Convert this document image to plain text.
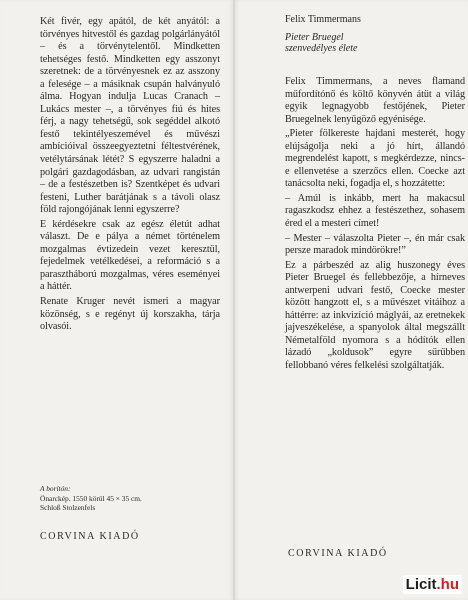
Két fivér, egy apától, de két anyától: a törvényes hitvestől és gazdag polgárlányától – és a törvénytelentől. Mindketten tehetséges festő. Mindketten egy asszonyt szeretnek: de a törvényesnek ez az asszony a felesége – a másiknak csupán halványuló álma. Hogyan indulja Lucas Cranach – Lukács mester –, a törvényes fiú és hites férj, a nagy tehetségű, sok segéddel alkotó festő tekintélyeszemével és művészi ambícióival összeegyeztetni féltestvérének, vetélytársának létét? S egyszerre haladni a polgári gazdagodásban, az udvari rangistán – de a festészetben is? Szentképet és udvari festeni, Luther barátjának s a távoli olasz föld rajongójának lenni egyszerre?

E kérdésekre csak az egész életút adhat választ. De e pálya a német történelem mozgalmas évtizedein vezet keresztül, fejedelmek vetélkedései, a reformáció s a parasztháború mozgalmas, véres eseményei a háttér.

Renate Kruger nevét ismeri a magyar közönség, s e regényt új korszakha, tárja olvasói.

A borítón:
Önarckép. 1550 körül 45 × 35 cm.
Schloß Stolzenfels
CORVINA KIADÓ
Felix Timmermans
Pieter Bruegel
szenvedélyes élete

Felix Timmermans, a neves flamand műfordítónő és költő könyvén átüt a világ egyik legnagyobb festőjének, Pieter Bruegelnek lenyűgöző egyénisége.

„Pieter fölkereste hajdani mesterét, hogy elújságolja neki a jó hírt, állandó megrendelést kapott, s megkérdezze, nincs-e ellenvetése a szerzőcs ellen. Coecke azt tanácsolta neki, fogadja el, s hozzátette:

– Amúl is inkább, mert ha makacsul ragaszkodsz ehhez a festészethez, sohasem éred el a mesteri címet!

– Mester – válaszolta Pieter –, én már csak persze maradok mindörökre!”

Ez a párbeszéd az alig huszonegy éves Pieter Bruegel és fellebbezője, a hírneves antwerpeni udvari festő, Coecke mester között hangzott el, s a művészet vitáihoz a háttérre: az inkvizíció máglyái, az eretnekek jajveszékelése, a spanyolok által megszállt Németalföld nyomora s a hódítók ellen lázadó „koldusok” egyre sűrűbben fellobbanó véres felkelési szolgáltatják.

CORVINA KIADÓ
Licit.hu
